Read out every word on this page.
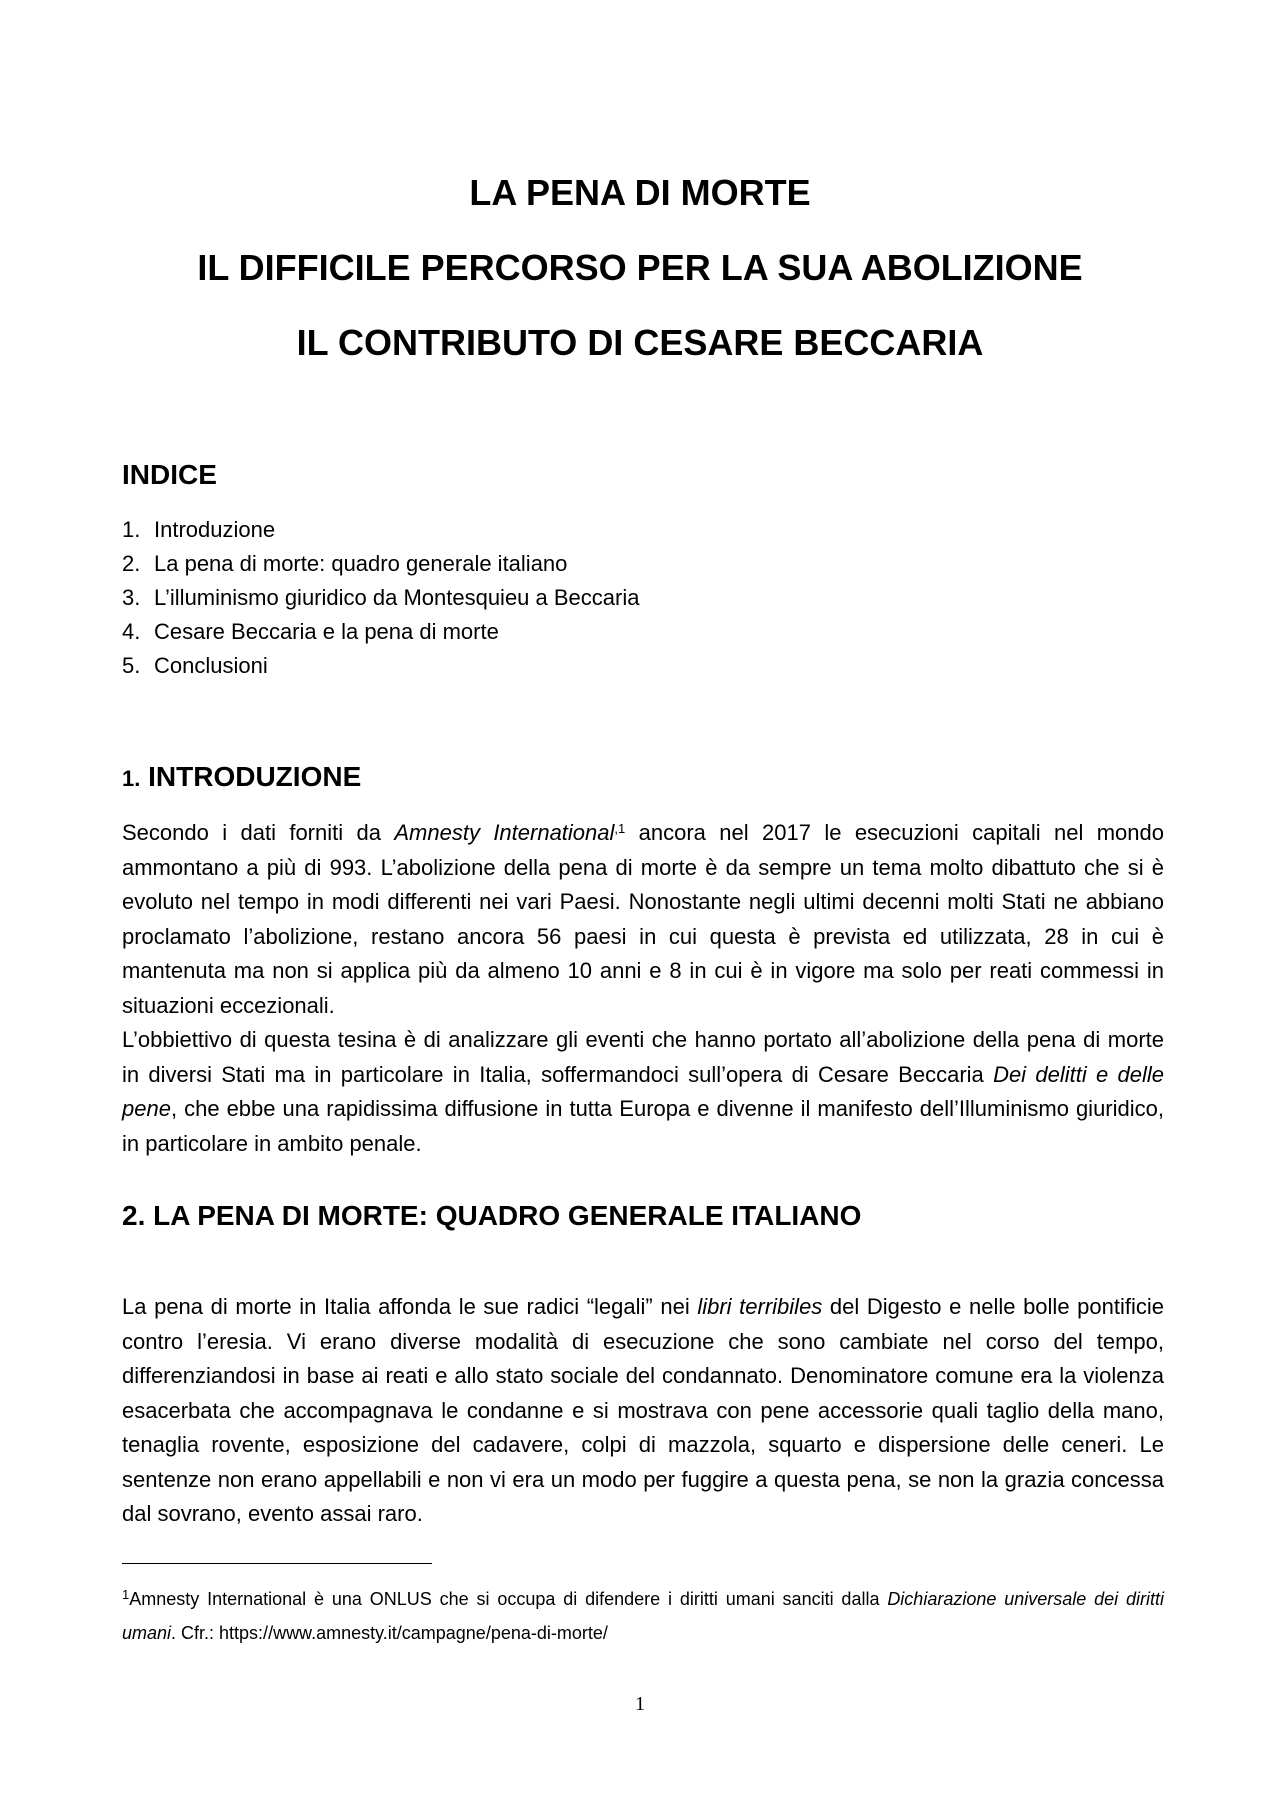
LA PENA DI MORTE

IL DIFFICILE PERCORSO PER LA SUA ABOLIZIONE

IL CONTRIBUTO DI CESARE BECCARIA

INDICE
1. Introduzione
2. La pena di morte: quadro generale italiano
3. L’illuminismo giuridico da Montesquieu a Beccaria
4. Cesare Beccaria e la pena di morte
5. Conclusioni
1. INTRODUZIONE

Secondo i dati forniti da Amnesty International$^{,1}$ ancora nel 2017 le esecuzioni capitali nel mondo ammontano a più di 993. L’abolizione della pena di morte è da sempre un tema molto dibattuto che si è evoluto nel tempo in modi differenti nei vari Paesi. Nonostante negli ultimi decenni molti Stati ne abbiano proclamato l’abolizione, restano ancora 56 paesi in cui questa è prevista ed utilizzata, 28 in cui è mantenuta ma non si applica più da almeno 10 anni e 8 in cui è in vigore ma solo per reati commessi in situazioni eccezionali.

L’obbiettivo di questa tesina è di analizzare gli eventi che hanno portato all’abolizione della pena di morte in diversi Stati ma in particolare in Italia, soffermandoci sull’opera di Cesare Beccaria Dei delitti e delle pene, che ebbe una rapidissima diffusione in tutta Europa e divenne il manifesto dell’Illuminismo giuridico, in particolare in ambito penale.

2. LA PENA DI MORTE: QUADRO GENERALE ITALIANO

La pena di morte in Italia affonda le sue radici “legali” nei libri terribiles del Digesto e nelle bolle pontificie contro l’eresia. Vi erano diverse modalità di esecuzione che sono cambiate nel corso del tempo, differenziandosi in base ai reati e allo stato sociale del condannato. Denominatore comune era la violenza esacerbata che accompagnava le condanne e si mostrava con pene accessorie quali taglio della mano, tenaglia rovente, esposizione del cadavere, colpi di mazzola, squarto e dispersione delle ceneri. Le sentenze non erano appellabili e non vi era un modo per fuggire a questa pena, se non la grazia concessa dal sovrano, evento assai raro.

$^1$Amnesty International è una ONLUS che si occupa di difendere i diritti umani sanciti dalla Dichiarazione universale dei diritti umani. Cfr.: https://www.amnesty.it/campagne/pena-di-morte/
1
